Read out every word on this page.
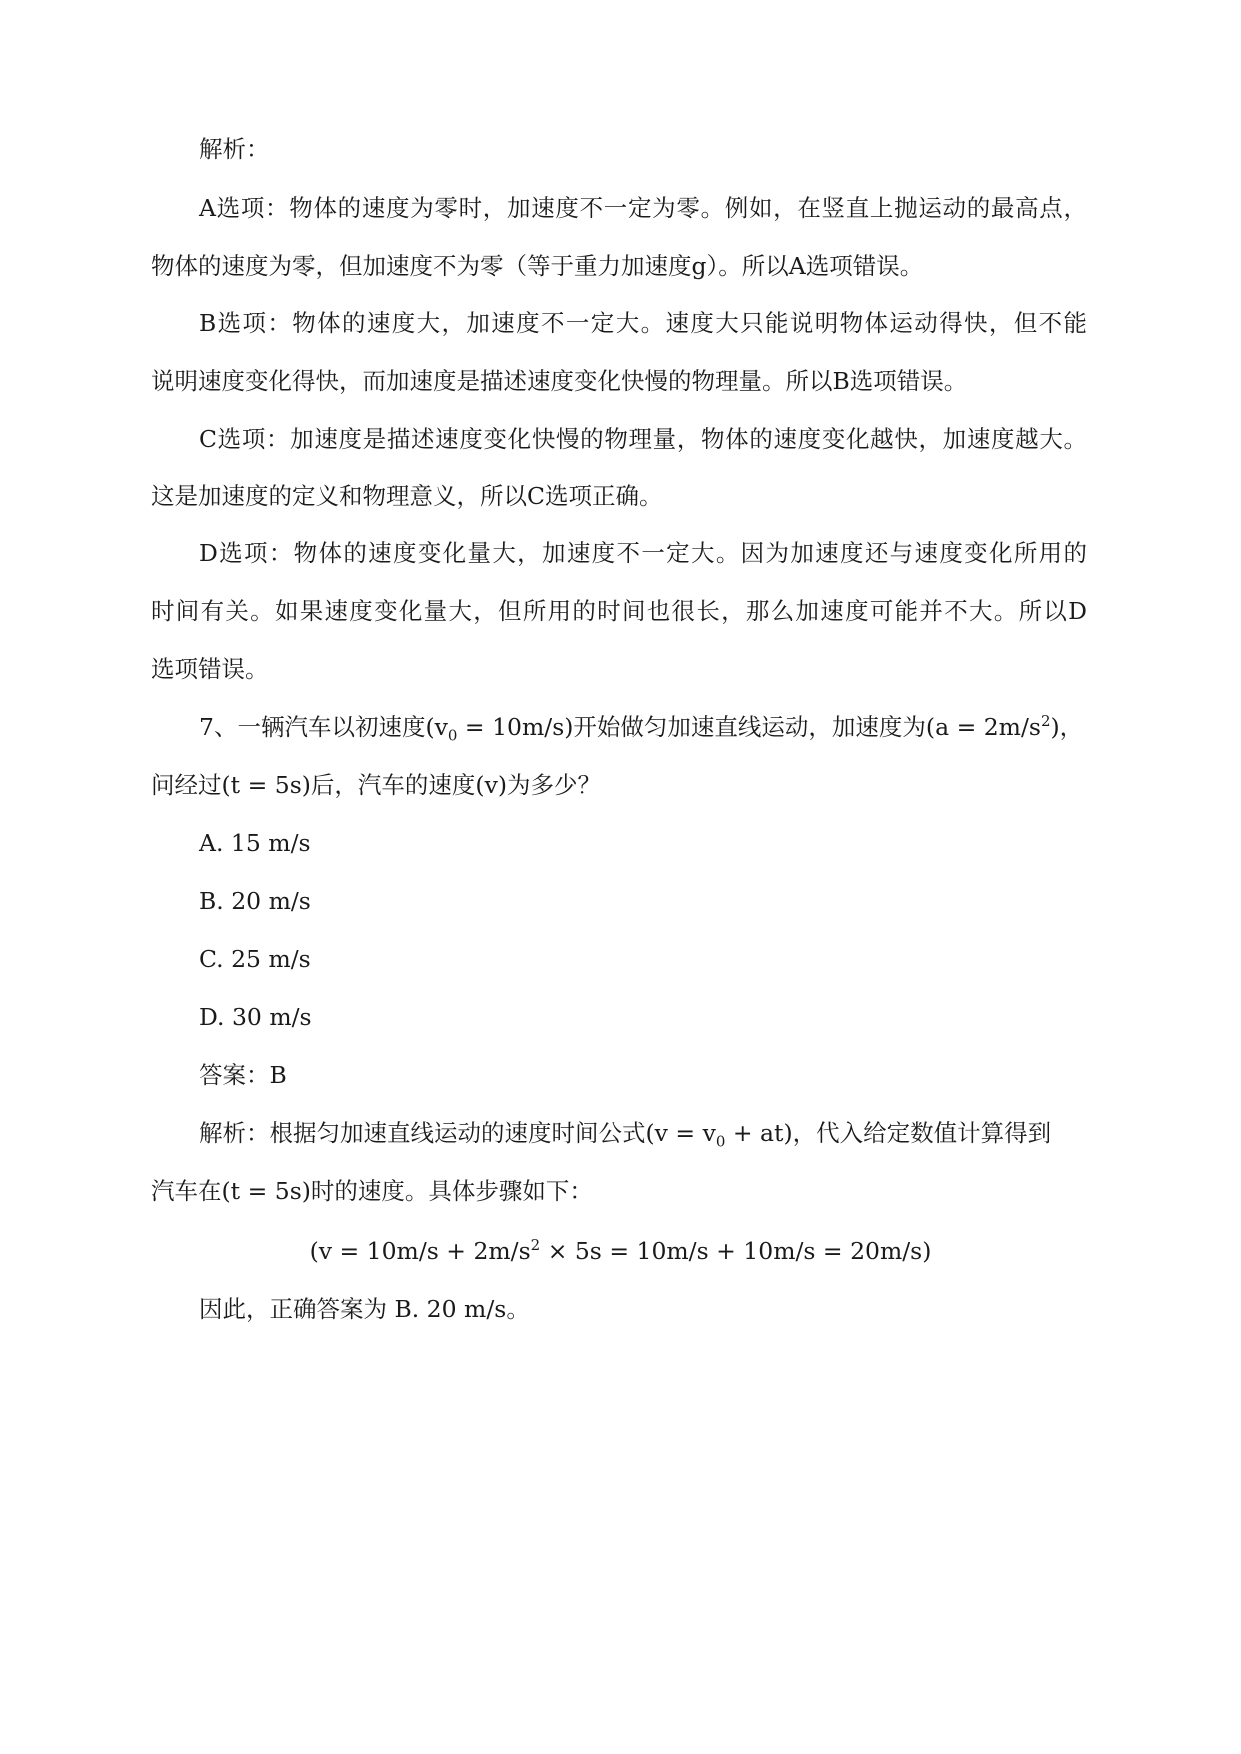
解析：
A选项：物体的速度为零时，加速度不一定为零。例如，在竖直上抛运动的最高点，
物体的速度为零，但加速度不为零（等于重力加速度g）。所以A选项错误。
B选项：物体的速度大，加速度不一定大。速度大只能说明物体运动得快，但不能
说明速度变化得快，而加速度是描述速度变化快慢的物理量。所以B选项错误。
C选项：加速度是描述速度变化快慢的物理量，物体的速度变化越快，加速度越大。
这是加速度的定义和物理意义，所以C选项正确。
D选项：物体的速度变化量大，加速度不一定大。因为加速度还与速度变化所用的
时间有关。如果速度变化量大，但所用的时间也很长，那么加速度可能并不大。所以D
选项错误。
7、一辆汽车以初速度$(v_0 = 10m/s)$开始做匀加速直线运动，加速度为$(a = 2m/s^2)$，
问经过(t = 5s)后，汽车的速度(v)为多少？
A. 15 m/s
B. 20 m/s
C. 25 m/s
D. 30 m/s
答案：B
解析：根据匀加速直线运动的速度时间公式$(v = v_0 + at)$，代入给定数值计算得到
汽车在(t = 5s)时的速度。具体步骤如下：
$(v = 10m/s + 2m/s^2 \times 5s = 10m/s + 10m/s = 20m/s)$
因此，正确答案为 B. 20 m/s。
